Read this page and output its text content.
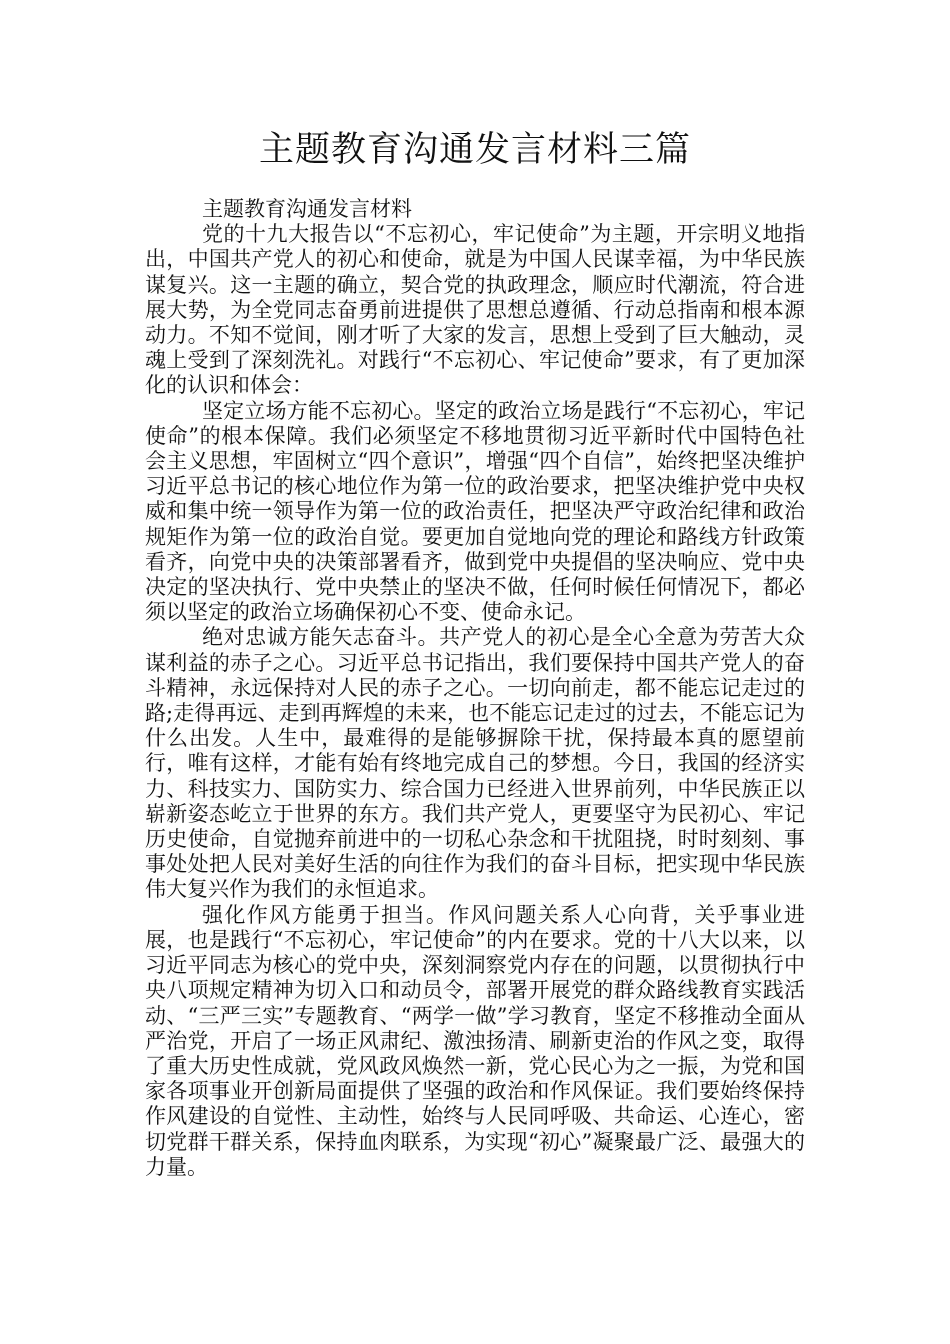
主题教育沟通发言材料三篇

主题教育沟通发言材料

党的十九大报告以“不忘初心，牢记使命”为主题，开宗明义地指出，中国共产党人的初心和使命，就是为中国人民谋幸福，为中华民族谋复兴。这一主题的确立，契合党的执政理念，顺应时代潮流，符合进展大势，为全党同志奋勇前进提供了思想总遵循、行动总指南和根本源动力。不知不觉间，刚才听了大家的发言，思想上受到了巨大触动，灵魂上受到了深刻洗礼。对践行“不忘初心、牢记使命”要求，有了更加深化的认识和体会：

坚定立场方能不忘初心。坚定的政治立场是践行“不忘初心，牢记使命”的根本保障。我们必须坚定不移地贯彻习近平新时代中国特色社会主义思想，牢固树立“四个意识”，增强“四个自信”，始终把坚决维护习近平总书记的核心地位作为第一位的政治要求，把坚决维护党中央权威和集中统一领导作为第一位的政治责任，把坚决严守政治纪律和政治规矩作为第一位的政治自觉。要更加自觉地向党的理论和路线方针政策看齐，向党中央的决策部署看齐，做到党中央提倡的坚决响应、党中央决定的坚决执行、党中央禁止的坚决不做，任何时候任何情况下，都必须以坚定的政治立场确保初心不变、使命永记。

绝对忠诚方能矢志奋斗。共产党人的初心是全心全意为劳苦大众谋利益的赤子之心。习近平总书记指出，我们要保持中国共产党人的奋斗精神，永远保持对人民的赤子之心。一切向前走，都不能忘记走过的路;走得再远、走到再辉煌的未来，也不能忘记走过的过去，不能忘记为什么出发。人生中，最难得的是能够摒除干扰，保持最本真的愿望前行，唯有这样，才能有始有终地完成自己的梦想。今日，我国的经济实力、科技实力、国防实力、综合国力已经进入世界前列，中华民族正以崭新姿态屹立于世界的东方。我们共产党人，更要坚守为民初心、牢记历史使命，自觉抛弃前进中的一切私心杂念和干扰阻挠，时时刻刻、事事处处把人民对美好生活的向往作为我们的奋斗目标，把实现中华民族伟大复兴作为我们的永恒追求。

强化作风方能勇于担当。作风问题关系人心向背，关乎事业进展，也是践行“不忘初心，牢记使命”的内在要求。党的十八大以来，以习近平同志为核心的党中央，深刻洞察党内存在的问题，以贯彻执行中央八项规定精神为切入口和动员令，部署开展党的群众路线教育实践活动、“三严三实”专题教育、“两学一做”学习教育，坚定不移推动全面从严治党，开启了一场正风肃纪、激浊扬清、刷新吏治的作风之变，取得了重大历史性成就，党风政风焕然一新，党心民心为之一振，为党和国家各项事业开创新局面提供了坚强的政治和作风保证。我们要始终保持作风建设的自觉性、主动性，始终与人民同呼吸、共命运、心连心，密切党群干群关系，保持血肉联系，为实现“初心”凝聚最广泛、最强大的力量。
